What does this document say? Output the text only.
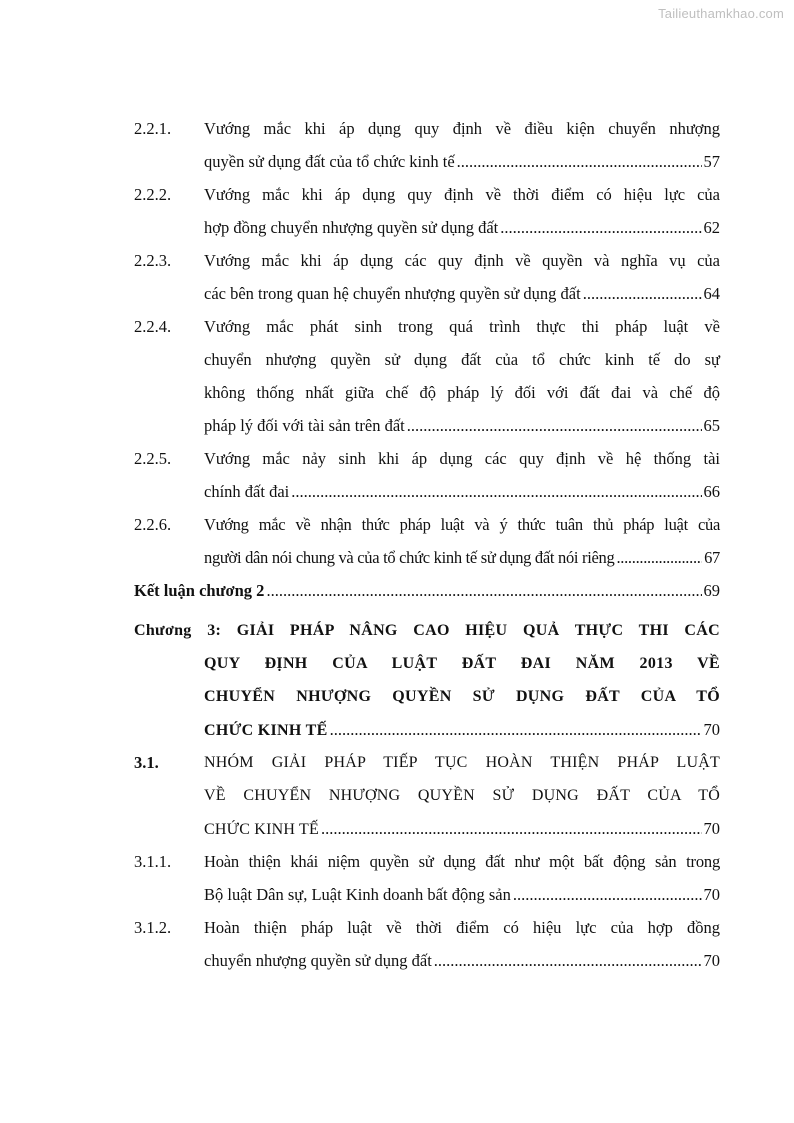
Tailieuthamkhao.com
2.2.1. Vướng mắc khi áp dụng quy định về điều kiện chuyển nhượng
quyền sử dụng đất của tổ chức kinh tế .....	57
2.2.2. Vướng mắc khi áp dụng quy định về thời điểm có hiệu lực của
hợp đồng chuyển nhượng quyền sử dụng đất .....	62
2.2.3. Vướng mắc khi áp dụng các quy định về quyền và nghĩa vụ của
các bên trong quan hệ chuyển nhượng quyền sử dụng đất .....	64
2.2.4. Vướng mắc phát sinh trong quá trình thực thi pháp luật về
chuyển nhượng quyền sử dụng đất của tổ chức kinh tế do sự
không thống nhất giữa chế độ pháp lý đối với đất đai và chế độ
pháp lý đối với tài sản trên đất .....	65
2.2.5. Vướng mắc nảy sinh khi áp dụng các quy định về hệ thống tài
chính đất đai .....	66
2.2.6. Vướng mắc về nhận thức pháp luật và ý thức tuân thủ pháp luật của
người dân nói chung và của tổ chức kinh tế sử dụng đất nói riêng .....	67
Kết luận chương 2 .....	69
Chương 3: GIẢI PHÁP NÂNG CAO HIỆU QUẢ THỰC THI CÁC
QUY ĐỊNH CỦA LUẬT ĐẤT ĐAI NĂM 2013 VỀ
CHUYỂN NHƯỢNG QUYỀN SỬ DỤNG ĐẤT CỦA TỔ
CHỨC KINH TẾ .....	70
3.1.	NHÓM GIẢI PHÁP TIẾP TỤC HOÀN THIỆN PHÁP LUẬT
VỀ CHUYỂN NHƯỢNG QUYỀN SỬ DỤNG ĐẤT CỦA TỔ
CHỨC KINH TẾ .....	70
3.1.1. Hoàn thiện khái niệm quyền sử dụng đất như một bất động sản trong
Bộ luật Dân sự, Luật Kinh doanh bất động sản .....	70
3.1.2. Hoàn thiện pháp luật về thời điểm có hiệu lực của hợp đồng
chuyển nhượng quyền sử dụng đất .....	70
